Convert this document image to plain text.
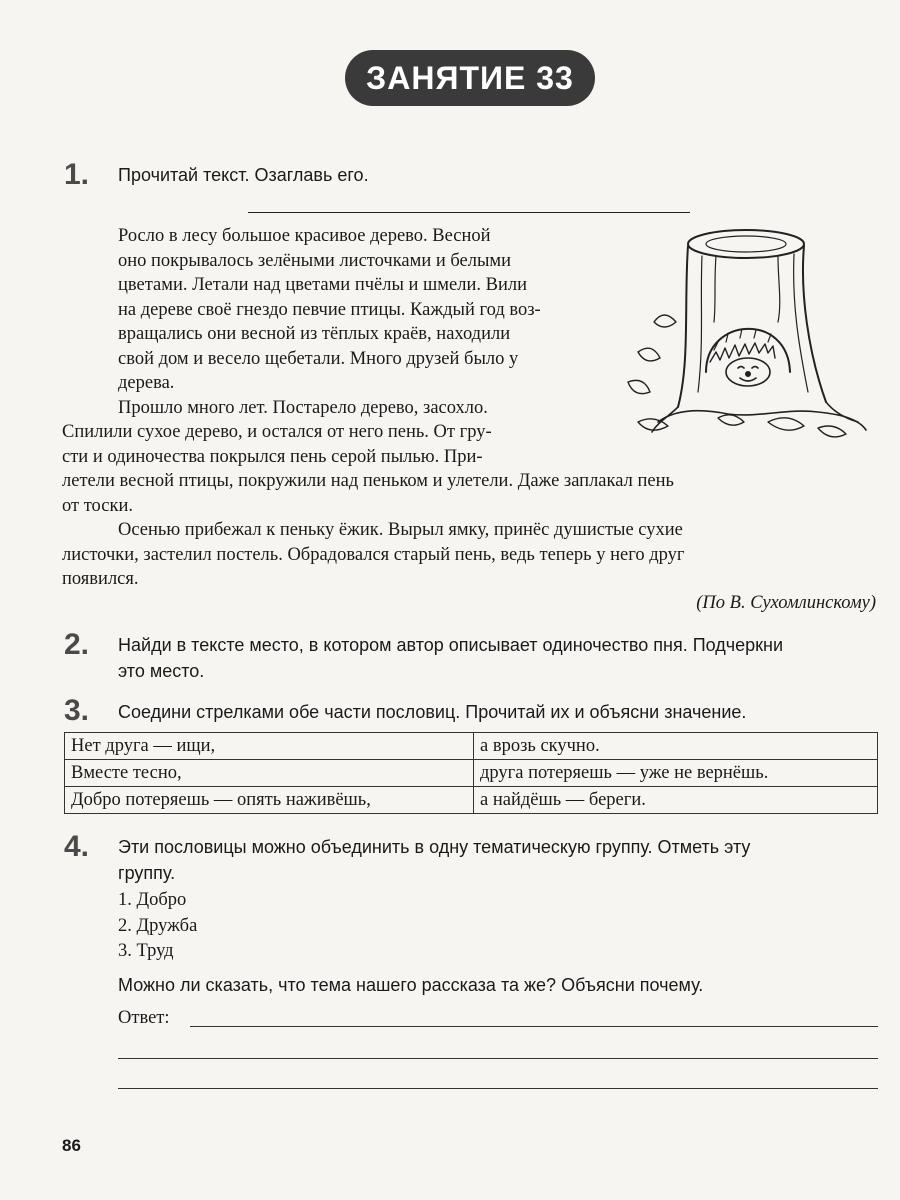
ЗАНЯТИЕ 33
1. Прочитай текст. Озаглавь его.
Росло в лесу большое красивое дерево. Весной
оно покрывалось зелёными листочками и белыми
цветами. Летали над цветами пчёлы и шмели. Вили
на дереве своё гнездо певчие птицы. Каждый год воз-
вращались они весной из тёплых краёв, находили
свой дом и весело щебетали. Много друзей было у
дерева.
Прошло много лет. Постарело дерево, засохло.
Спилили сухое дерево, и остался от него пень. От гру-
сти и одиночества покрылся пень серой пылью. При-
летели весной птицы, покружили над пеньком и улетели. Даже заплакал пень
от тоски.
Осенью прибежал к пеньку ёжик. Вырыл ямку, принёс душистые сухие
листочки, застелил постель. Обрадовался старый пень, ведь теперь у него друг
появился.
(По В. Сухомлинскому)
2. Найди в тексте место, в котором автор описывает одиночество пня. Подчеркни
это место.
3. Соедини стрелками обе части пословиц. Прочитай их и объясни значение.
Нет друга — ищи,	а врозь скучно.
Вместе тесно,	друга потеряешь — уже не вернёшь.
Добро потеряешь — опять наживёшь,	а найдёшь — береги.
4. Эти пословицы можно объединить в одну тематическую группу. Отметь эту
группу.
1. Добро
2. Дружба
3. Труд
Можно ли сказать, что тема нашего рассказа та же? Объясни почему.
Ответ:
86
